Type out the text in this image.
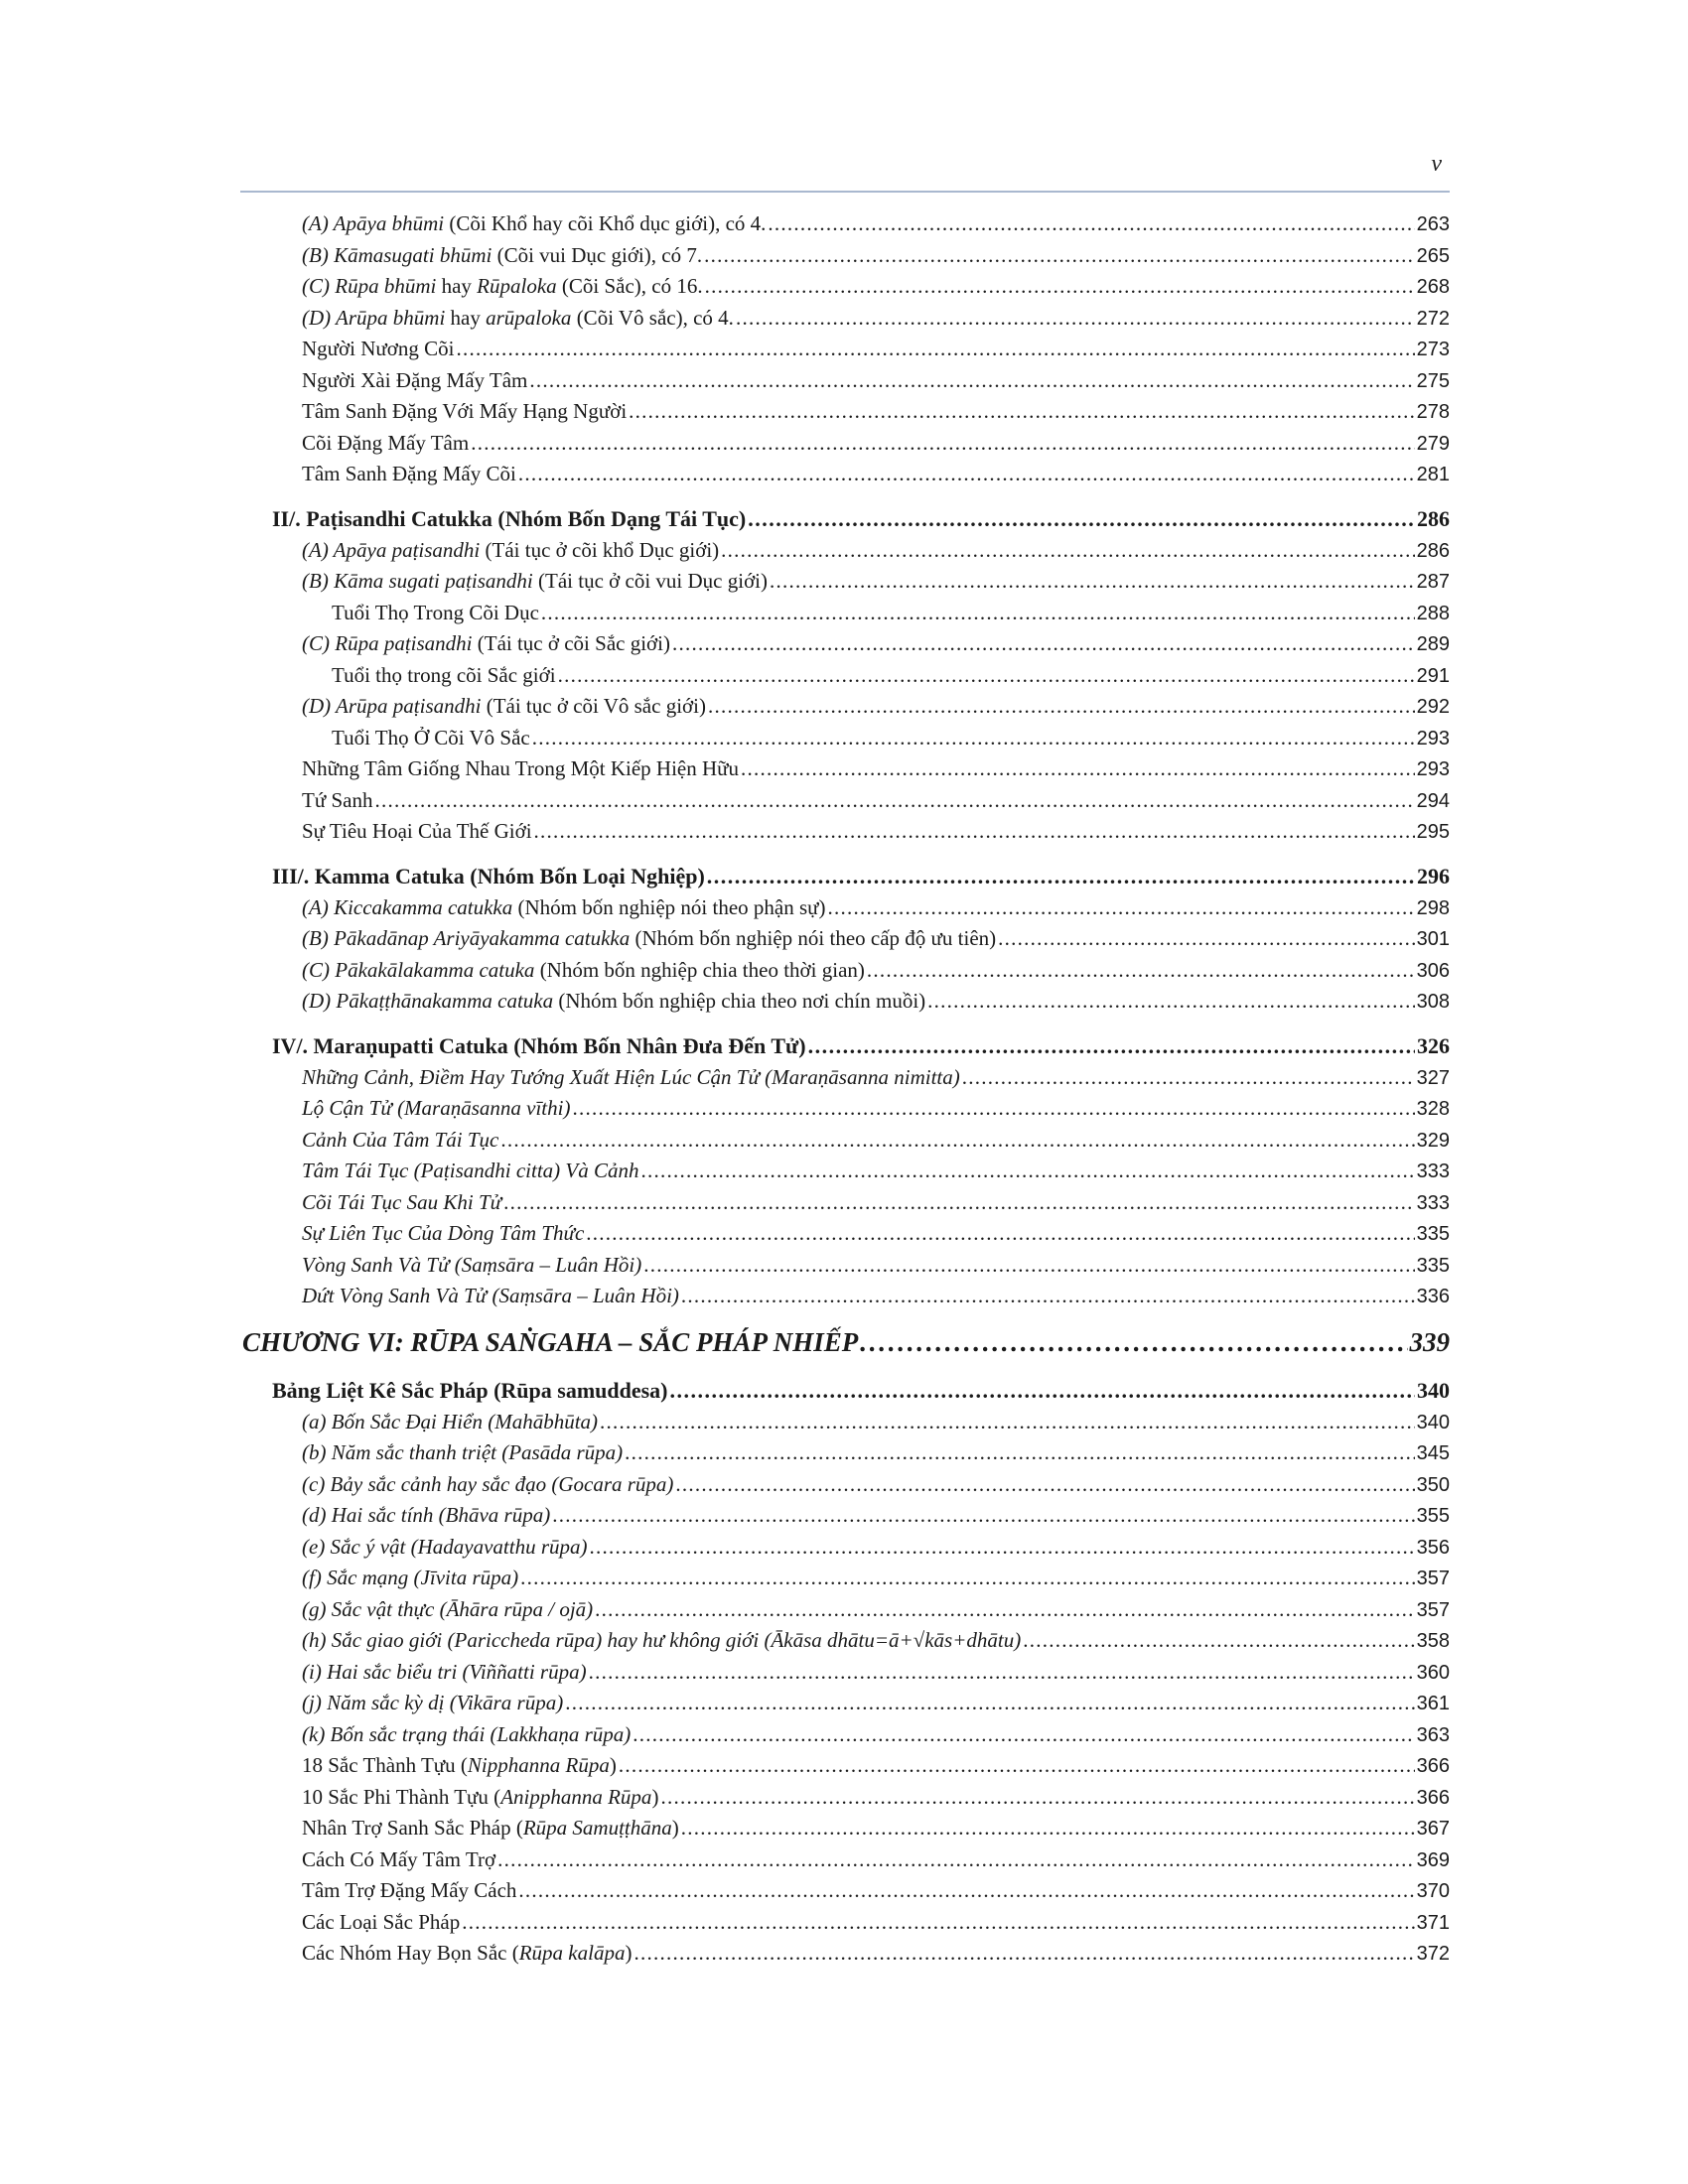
v
(A) Apāya bhūmi (Cõi Khổ hay cõi Khổ dục giới), có 4. . . .	263
(B) Kāmasugati bhūmi (Cõi vui Dục giới), có 7. . . .	265
(C) Rūpa bhūmi hay Rūpaloka (Cõi Sắc), có 16. . . .	268
(D) Arūpa bhūmi hay arūpaloka (Cõi Vô sắc), có 4. . . .	272
Người Nương Cõi . . .	273
Người Xài Đặng Mấy Tâm . . .	275
Tâm Sanh Đặng Với Mấy Hạng Người . . .	278
Cõi Đặng Mấy Tâm . . .	279
Tâm Sanh Đặng Mấy Cõi . . .	281
II/. Paṭisandhi Catukka (Nhóm Bốn Dạng Tái Tục) . . .	286
(A) Apāya paṭisandhi (Tái tục ở cõi khổ Dục giới) . . .	286
(B) Kāma sugati paṭisandhi (Tái tục ở cõi vui Dục giới) . . .	287
Tuổi Thọ Trong Cõi Dục . . .	288
(C) Rūpa paṭisandhi (Tái tục ở cõi Sắc giới) . . .	289
Tuổi thọ trong cõi Sắc giới . . .	291
(D) Arūpa paṭisandhi (Tái tục ở cõi Vô sắc giới) . . .	292
Tuổi Thọ Ở Cõi Vô Sắc . . .	293
Những Tâm Giống Nhau Trong Một Kiếp Hiện Hữu . . .	293
Tứ Sanh . . .	294
Sự Tiêu Hoại Của Thế Giới . . .	295
III/. Kamma Catuka (Nhóm Bốn Loại Nghiệp) . . .	296
(A) Kiccakamma catukka (Nhóm bốn nghiệp nói theo phận sự) . . .	298
(B) Pākadānap Ariyāyakamma catukka (Nhóm bốn nghiệp nói theo cấp độ ưu tiên) . . .	301
(C) Pākakālakamma catuka (Nhóm bốn nghiệp chia theo thời gian) . . .	306
(D) Pākaṭṭhānakamma catuka (Nhóm bốn nghiệp chia theo nơi chín muồi) . . .	308
IV/. Maraṇupatti Catuka (Nhóm Bốn Nhân Đưa Đến Tử) . . .	326
Những Cảnh, Điềm Hay Tướng Xuất Hiện Lúc Cận Tử (Maraṇāsanna nimitta) . . .	327
Lộ Cận Tử (Maraṇāsanna vīthi) . . .	328
Cảnh Của Tâm Tái Tục . . .	329
Tâm Tái Tục (Paṭisandhi citta) Và Cảnh . . .	333
Cõi Tái Tục Sau Khi Tử . . .	333
Sự Liên Tục Của Dòng Tâm Thức . . .	335
Vòng Sanh Và Tử (Saṃsāra – Luân Hồi) . . .	335
Dứt Vòng Sanh Và Tử (Saṃsāra – Luân Hồi) . . .	336
CHƯƠNG VI: RŪPA SAṄGAHA – SẮC PHÁP NHIẾP . . .	339
Bảng Liệt Kê Sắc Pháp (Rūpa samuddesa) . . .	340
(a) Bốn Sắc Đại Hiển (Mahābhūta) . . .	340
(b) Năm sắc thanh triệt (Pasāda rūpa) . . .	345
(c) Bảy sắc cảnh hay sắc đạo (Gocara rūpa) . . .	350
(d) Hai sắc tính (Bhāva rūpa) . . .	355
(e) Sắc ý vật (Hadayavatthu rūpa) . . .	356
(f) Sắc mạng (Jīvita rūpa) . . .	357
(g) Sắc vật thực (Āhāra rūpa / ojā) . . .	357
(h) Sắc giao giới (Pariccheda rūpa) hay hư không giới (Ākāsa dhātu=ā+√kās+dhātu) . . .	358
(i) Hai sắc biểu tri (Viññatti rūpa) . . .	360
(j) Năm sắc kỳ dị (Vikāra rūpa) . . .	361
(k) Bốn sắc trạng thái (Lakkhaṇa rūpa) . . .	363
18 Sắc Thành Tựu (Nipphanna Rūpa) . . .	366
10 Sắc Phi Thành Tựu (Anipphanna Rūpa) . . .	366
Nhân Trợ Sanh Sắc Pháp (Rūpa Samuṭṭhāna) . . .	367
Cách Có Mấy Tâm Trợ . . .	369
Tâm Trợ Đặng Mấy Cách . . .	370
Các Loại Sắc Pháp . . .	371
Các Nhóm Hay Bọn Sắc (Rūpa kalāpa) . . .	372
